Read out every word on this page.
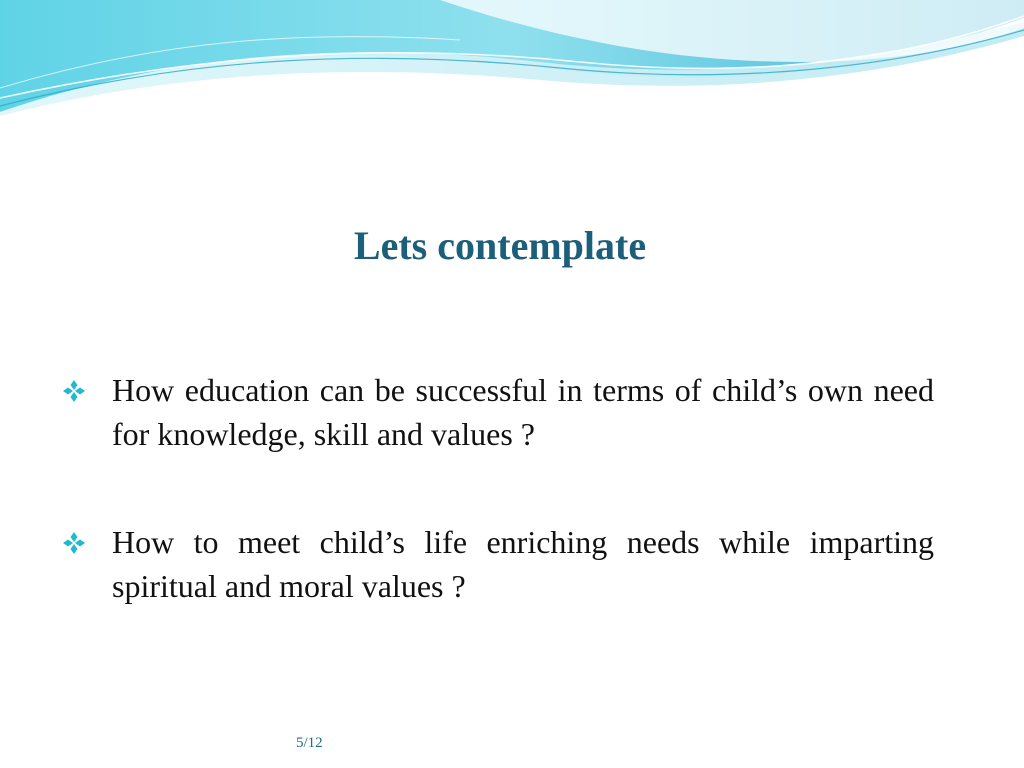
Lets contemplate
How education can be successful in terms of child’s own need for knowledge, skill and values ?
How to meet child’s life enriching needs while imparting spiritual and moral values ?
5/12
